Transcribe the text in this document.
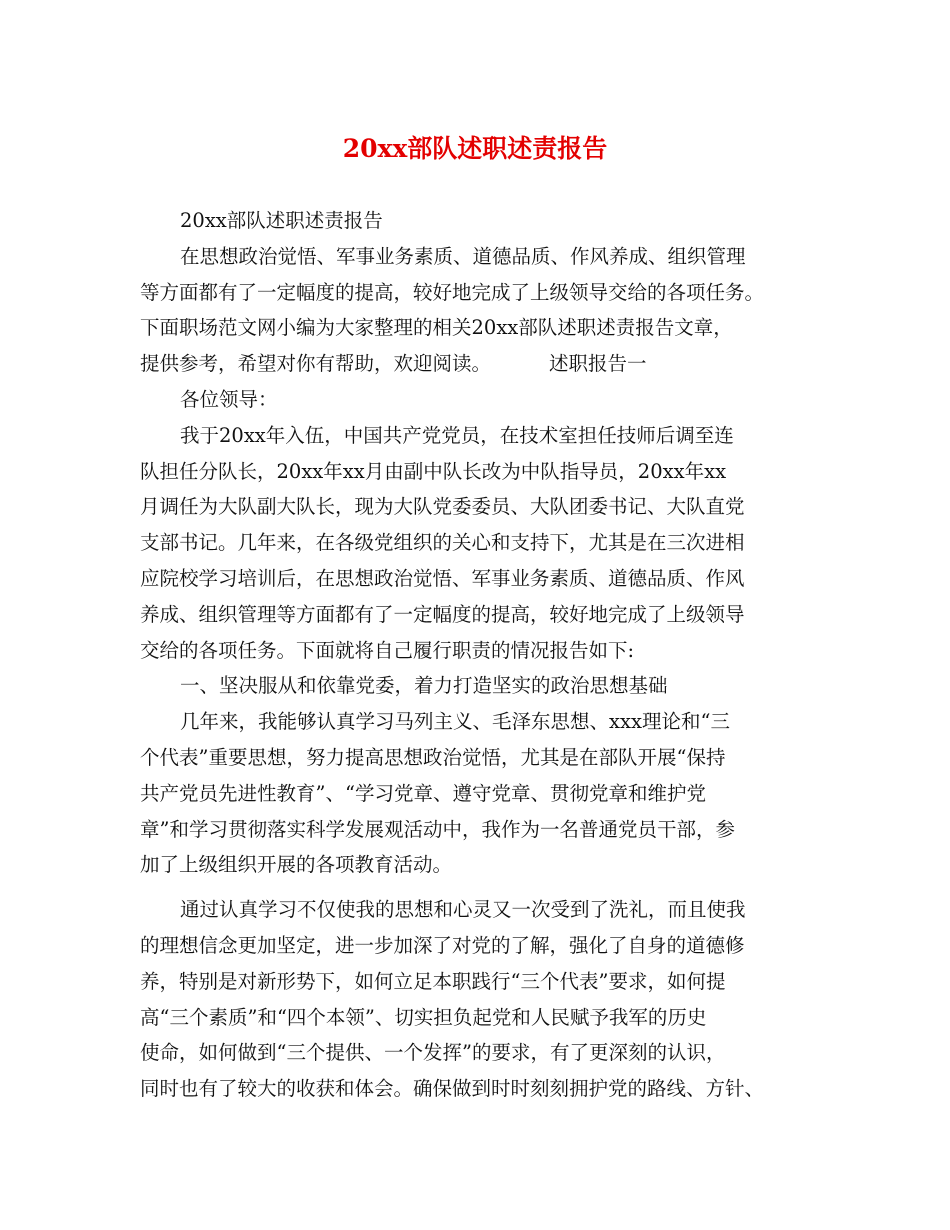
20xx部队述职述责报告

20xx部队述职述责报告
在思想政治觉悟、军事业务素质、道德品质、作风养成、组织管理
等方面都有了一定幅度的提高，较好地完成了上级领导交给的各项任务。
下面职场范文网小编为大家整理的相关20xx部队述职述责报告文章，
提供参考，希望对你有帮助，欢迎阅读。	述职报告一

各位领导：

我于20xx年入伍，中国共产党党员，在技术室担任技师后调至连
队担任分队长，20xx年xx月由副中队长改为中队指导员，20xx年xx
月调任为大队副大队长，现为大队党委委员、大队团委书记、大队直党
支部书记。几年来，在各级党组织的关心和支持下，尤其是在三次进相
应院校学习培训后，在思想政治觉悟、军事业务素质、道德品质、作风
养成、组织管理等方面都有了一定幅度的提高，较好地完成了上级领导
交给的各项任务。下面就将自己履行职责的情况报告如下:

一、坚决服从和依靠党委，着力打造坚实的政治思想基础

几年来，我能够认真学习马列主义、毛泽东思想、xxx理论和“三
个代表”重要思想，努力提高思想政治觉悟，尤其是在部队开展“保持
共产党员先进性教育”、“学习党章、遵守党章、贯彻党章和维护党
章”和学习贯彻落实科学发展观活动中，我作为一名普通党员干部，参
加了上级组织开展的各项教育活动。

通过认真学习不仅使我的思想和心灵又一次受到了洗礼，而且使我
的理想信念更加坚定，进一步加深了对党的了解，强化了自身的道德修
养，特别是对新形势下，如何立足本职践行“三个代表”要求，如何提
高“三个素质”和“四个本领”、切实担负起党和人民赋予我军的历史
使命，如何做到“三个提供、一个发挥”的要求，有了更深刻的认识，
同时也有了较大的收获和体会。确保做到时时刻刻拥护党的路线、方针、
